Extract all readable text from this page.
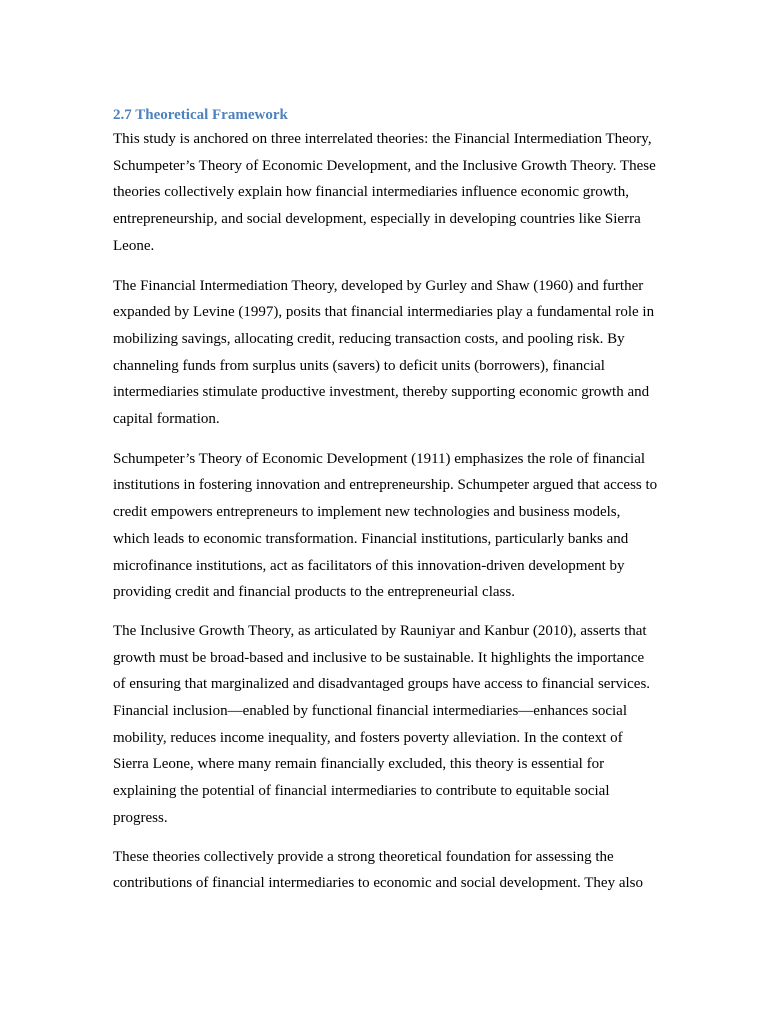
2.7 Theoretical Framework

This study is anchored on three interrelated theories: the Financial Intermediation Theory, Schumpeter’s Theory of Economic Development, and the Inclusive Growth Theory. These theories collectively explain how financial intermediaries influence economic growth, entrepreneurship, and social development, especially in developing countries like Sierra Leone.

The Financial Intermediation Theory, developed by Gurley and Shaw (1960) and further expanded by Levine (1997), posits that financial intermediaries play a fundamental role in mobilizing savings, allocating credit, reducing transaction costs, and pooling risk. By channeling funds from surplus units (savers) to deficit units (borrowers), financial intermediaries stimulate productive investment, thereby supporting economic growth and capital formation.

Schumpeter’s Theory of Economic Development (1911) emphasizes the role of financial institutions in fostering innovation and entrepreneurship. Schumpeter argued that access to credit empowers entrepreneurs to implement new technologies and business models, which leads to economic transformation. Financial institutions, particularly banks and microfinance institutions, act as facilitators of this innovation-driven development by providing credit and financial products to the entrepreneurial class.

The Inclusive Growth Theory, as articulated by Rauniyar and Kanbur (2010), asserts that growth must be broad-based and inclusive to be sustainable. It highlights the importance of ensuring that marginalized and disadvantaged groups have access to financial services. Financial inclusion—enabled by functional financial intermediaries—enhances social mobility, reduces income inequality, and fosters poverty alleviation. In the context of Sierra Leone, where many remain financially excluded, this theory is essential for explaining the potential of financial intermediaries to contribute to equitable social progress.

These theories collectively provide a strong theoretical foundation for assessing the contributions of financial intermediaries to economic and social development. They also
